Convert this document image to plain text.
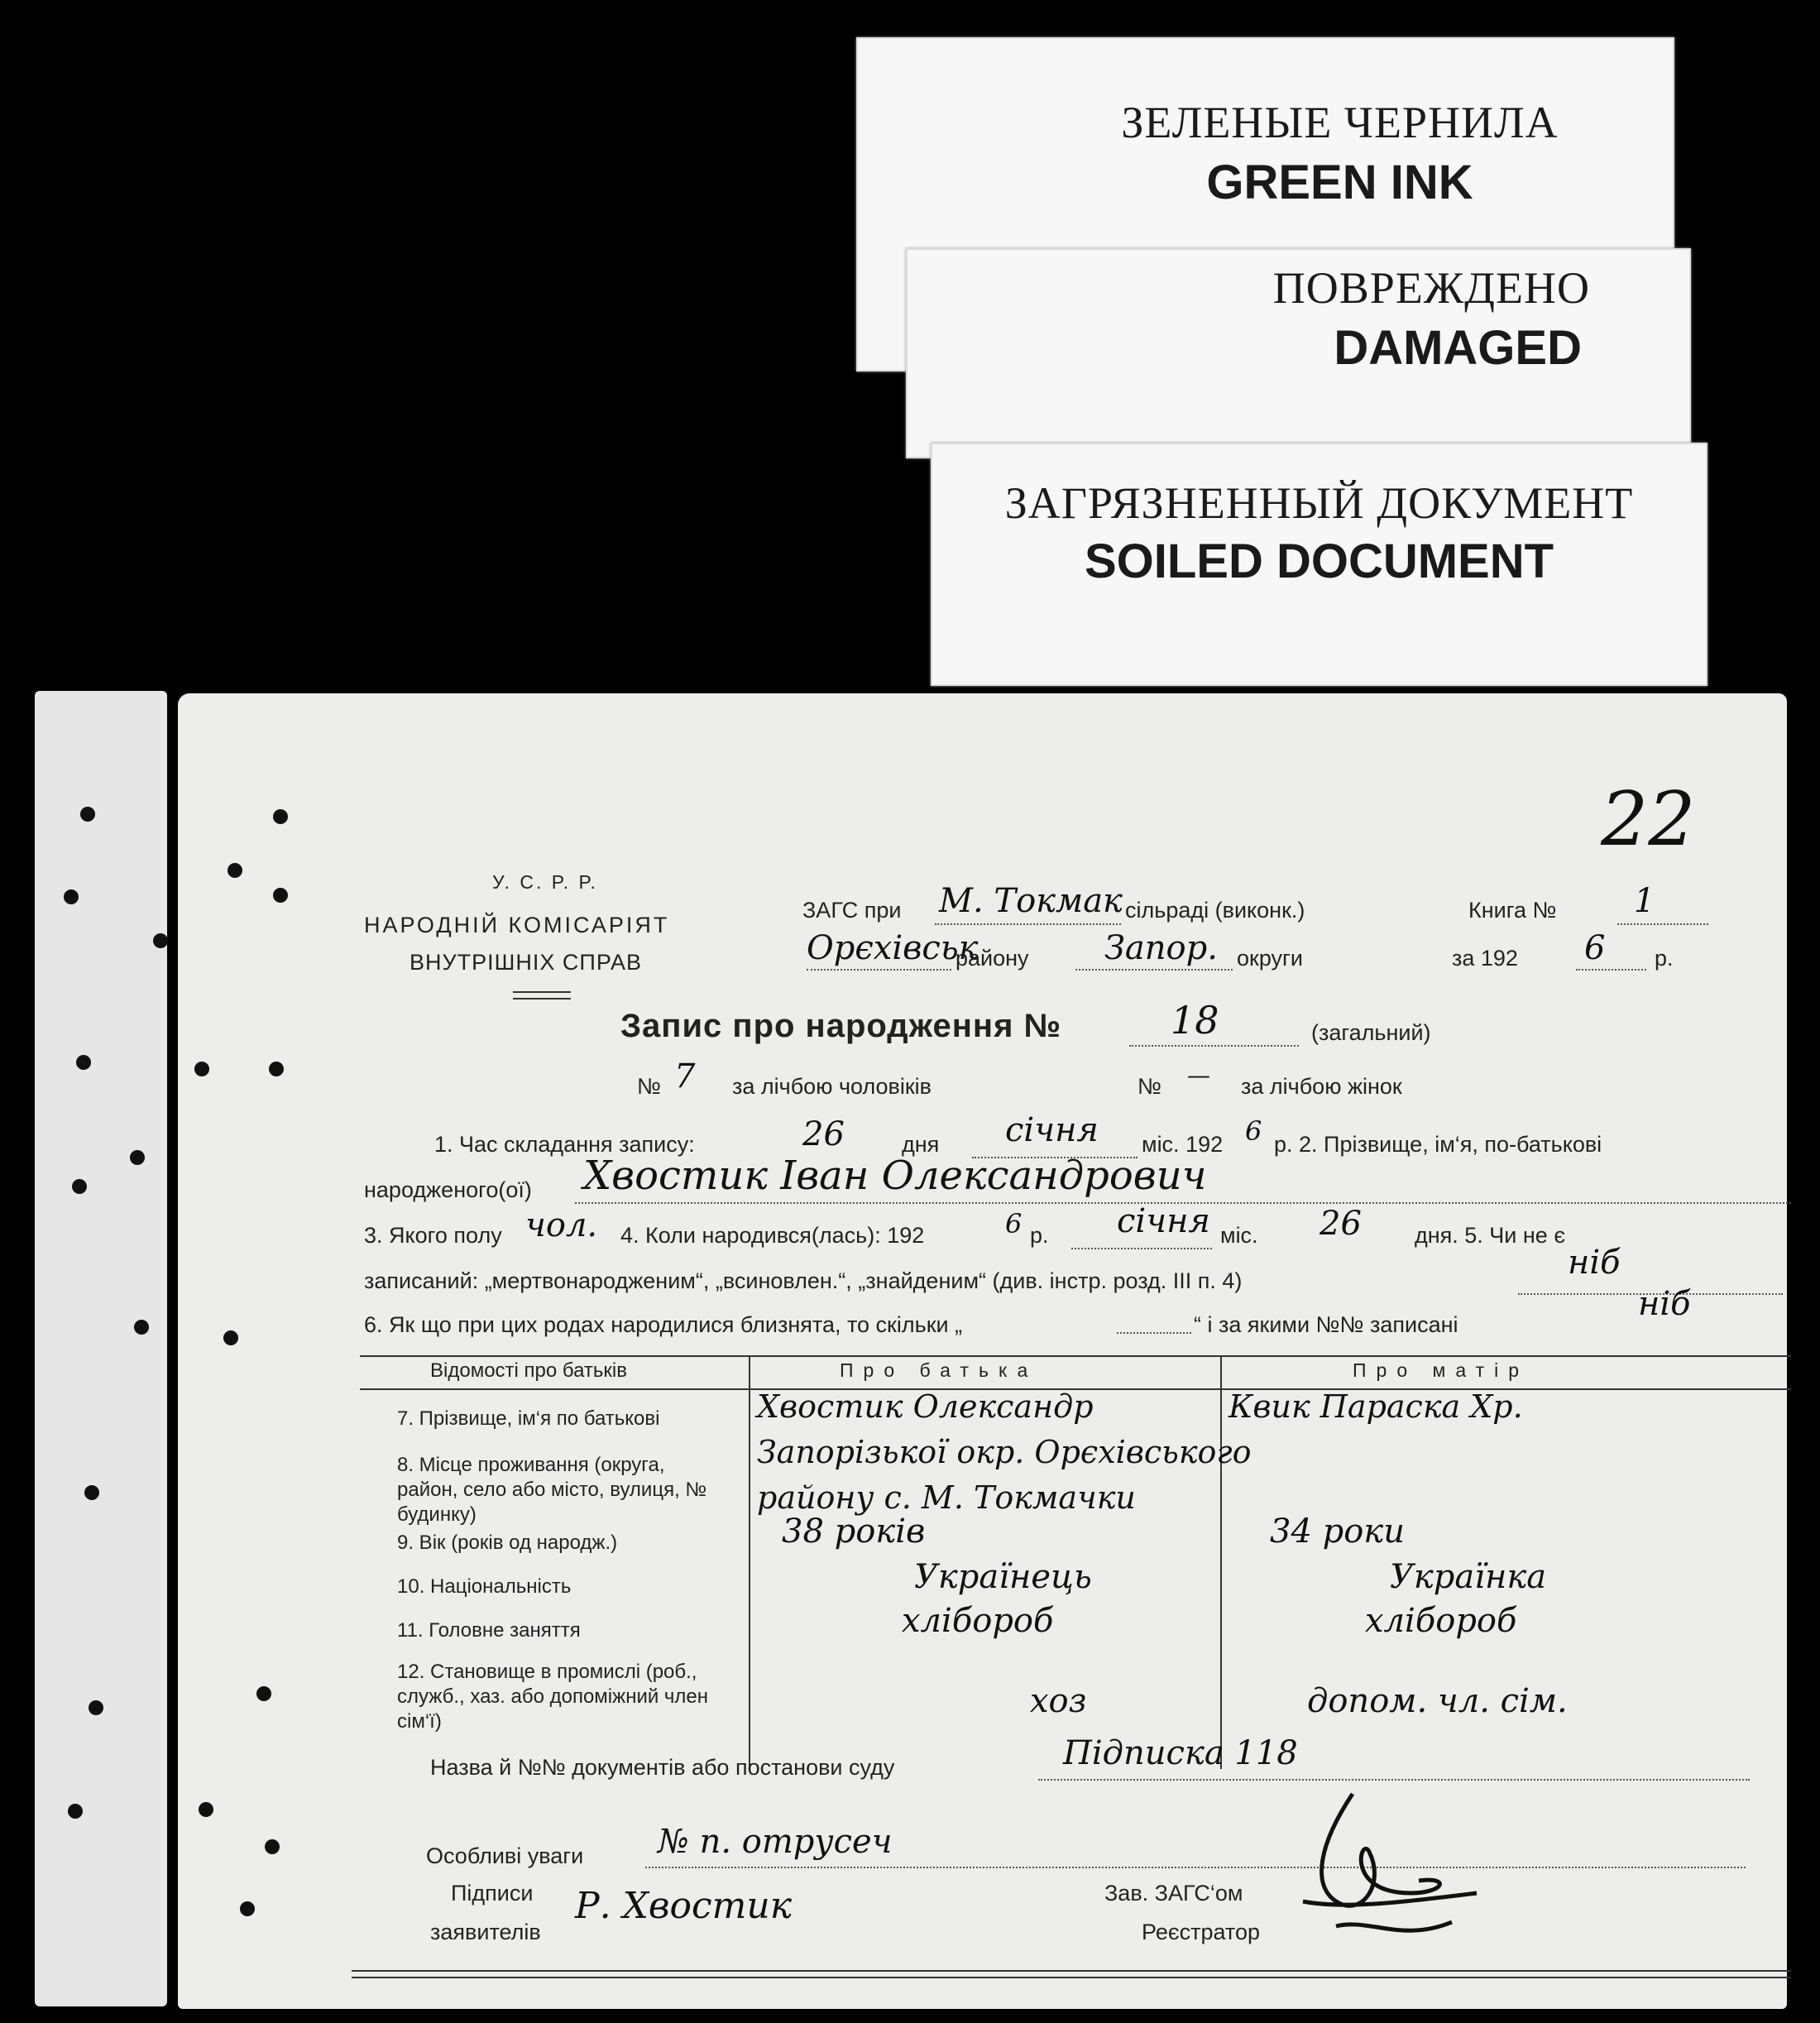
ЗЕЛЕНЫЕ ЧЕРНИЛА
GREEN INK
ПОВРЕЖДЕНО
DAMAGED
ЗАГРЯЗНЕННЫЙ ДОКУМЕНТ
SOILED DOCUMENT
22
У. С. Р. Р.
НАРОДНІЙ КОМІСАРІЯТ
ВНУТРІШНІХ СПРАВ
ЗАГС при М. Токмак сільраді (виконк.)	Книга № 1
Орєхівськ
району Запор. округи	за 192 6 р.
Запис про народження №	18	(загальний)
№ 7 за лічбою чоловіків	№ — за лічбою жінок
1. Час складання запису:	26	дня січня міс. 192 6 р. 2. Прізвище, ім‘я, по-батькові
народженого(ої) Хвостик Іван Олександрович
3. Якого полу чол. 4. Коли народився(лась): 192	6 р. січня міс. 26 дня. 5. Чи не є
записаний: „мертвонародженим“, „всиновлен.“, „знайденим“ (див. інстр. розд. III п. 4)	ніб
6. Як що при цих родах народилися близнята, то скільки „	“ і за якими №№ записані
ніб
Відомості про батьків	Про батька	Про матір
7. Прізвище, ім‘я по батькові	Хвостик Олександр	Квик Параска Хр.
8. Місце проживання (округа, район, село або місто, вулиця, № будинку)
Запорізької окр. Орєхівського
району с. М. Токмачки
9. Вік (років од народж.)	38 років	34 роки
10. Національність	Українець	Українка
11. Головне заняття	хлібороб	хлібороб
12. Становище в промислі (роб., служб., хаз. або допоміжний член сім‘ї)
хоз	допом. чл. сім.
Назва й №№ документів або постанови суду	Підписка 118
Особливі уваги № п. отрусеч
Підписи
заявителів
Р. Хвостик	Зав. ЗАГС‘ом
Реєстратор
